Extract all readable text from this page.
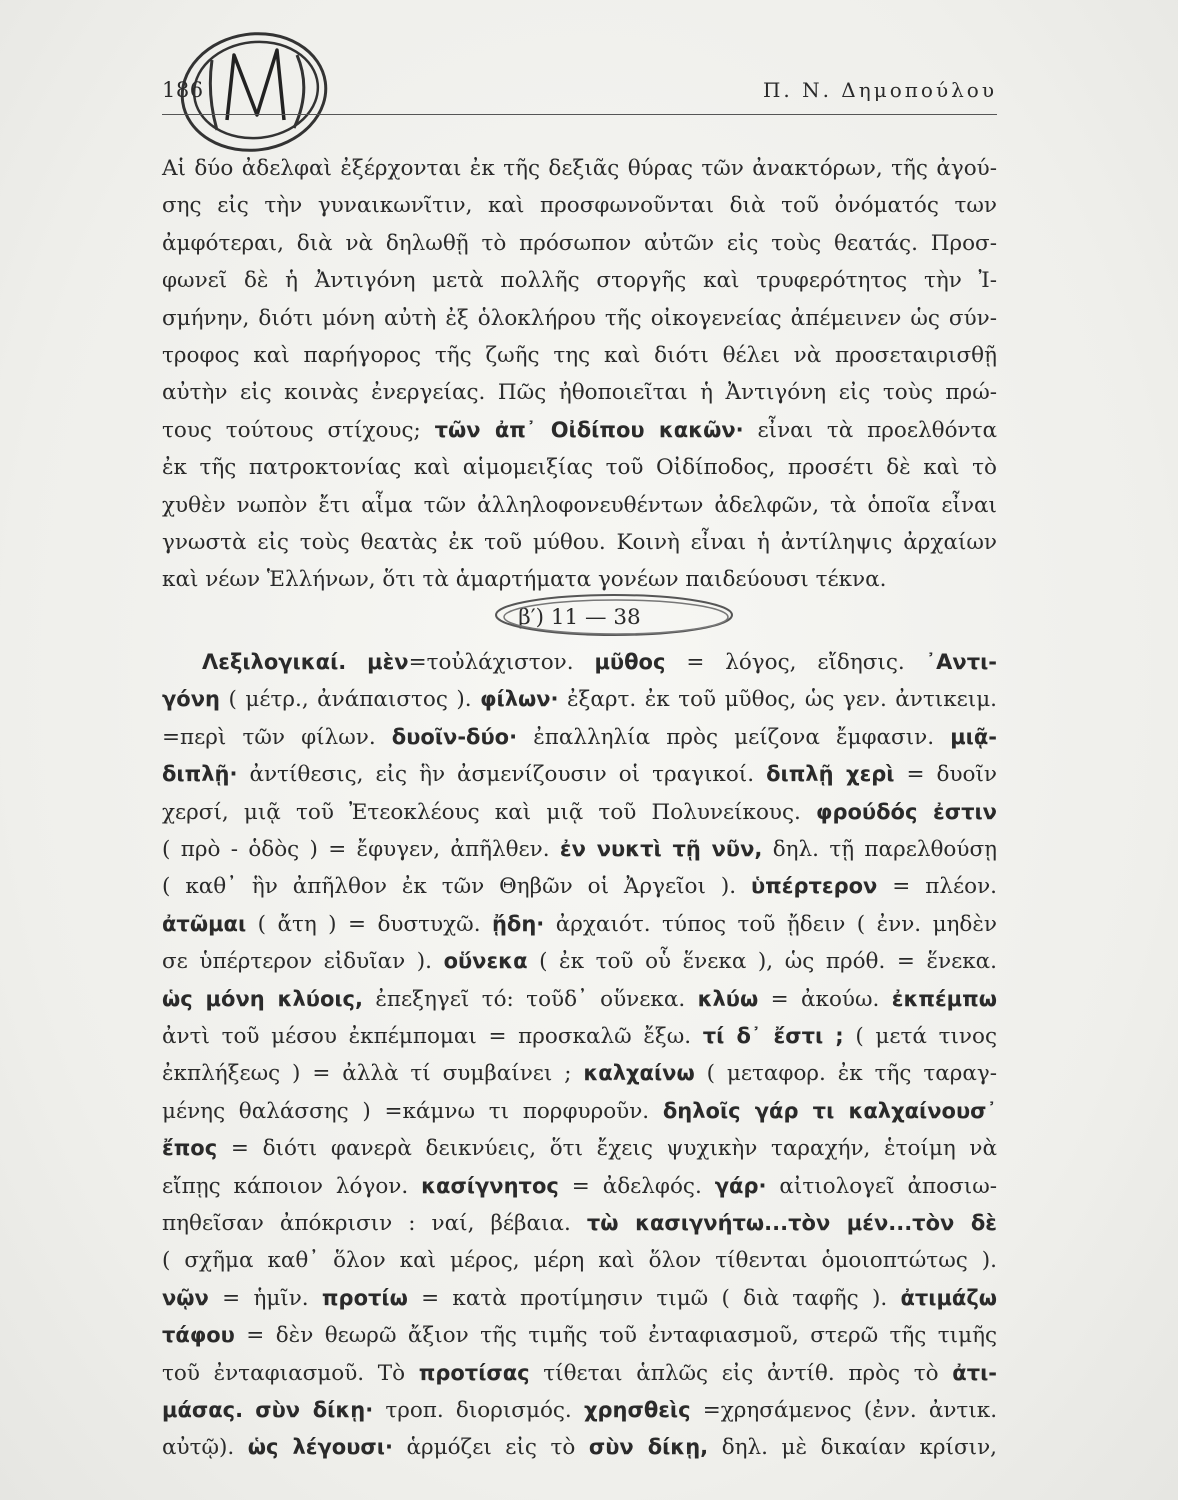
186	Π. Ν. Δημοπούλου
Αἱ δύο ἀδελφαὶ ἐξέρχονται ἐκ τῆς δεξιᾶς θύρας τῶν ἀνακτόρων, τῆς ἀγού-
σης εἰς τὴν γυναικωνῖτιν, καὶ προσφωνοῦνται διὰ τοῦ ὀνόματός των
ἀμφότεραι, διὰ νὰ δηλωθῇ τὸ πρόσωπον αὐτῶν εἰς τοὺς θεατάς. Προσ-
φωνεῖ δὲ ἡ Ἀντιγόνη μετὰ πολλῆς στοργῆς καὶ τρυφερότητος τὴν Ἰ-
σμήνην, διότι μόνη αὐτὴ ἐξ ὁλοκλήρου τῆς οἰκογενείας ἀπέμεινεν ὡς σύν-
τροφος καὶ παρήγορος τῆς ζωῆς της καὶ διότι θέλει νὰ προσεταιρισθῇ
αὐτὴν εἰς κοινὰς ἐνεργείας. Πῶς ἠθοποιεῖται ἡ Ἀντιγόνη εἰς τοὺς πρώ-
τους τούτους στίχους; τῶν ἀπ᾽ Οἰδίπου κακῶν· εἶναι τὰ προελθόντα
ἐκ τῆς πατροκτονίας καὶ αἱμομειξίας τοῦ Οἰδίποδος, προσέτι δὲ καὶ τὸ
χυθὲν νωπὸν ἔτι αἷμα τῶν ἀλληλοφονευθέντων ἀδελφῶν, τὰ ὁποῖα εἶναι
γνωστὰ εἰς τοὺς θεατὰς ἐκ τοῦ μύθου. Κοινὴ εἶναι ἡ ἀντίληψις ἀρχαίων
καὶ νέων Ἑλλήνων, ὅτι τὰ ἁμαρτήματα γονέων παιδεύουσι τέκνα.
β′) 11 — 38
Λεξιλογικαί. μὲν=τοὐλάχιστον. μῦθος = λόγος, εἴδησις. ᾿Αντι-
γόνη ( μέτρ., ἀνάπαιστος ). φίλων· ἐξαρτ. ἐκ τοῦ μῦθος, ὡς γεν. ἀντικειμ.
=περὶ τῶν φίλων. δυοῖν-δύο· ἐπαλληλία πρὸς μείζονα ἔμφασιν. μιᾷ-
διπλῇ· ἀντίθεσις, εἰς ἣν ἀσμενίζουσιν οἱ τραγικοί. διπλῇ χερὶ = δυοῖν
χερσί, μιᾷ τοῦ Ἐτεοκλέους καὶ μιᾷ τοῦ Πολυνείκους. φρούδός ἐστιν
( πρὸ - ὁδὸς ) = ἔφυγεν, ἀπῆλθεν. ἐν νυκτὶ τῇ νῦν, δηλ. τῇ παρελθούσῃ
( καθ᾿ ἣν ἀπῆλθον ἐκ τῶν Θηβῶν οἱ Ἀργεῖοι ). ὑπέρτερον = πλέον.
ἀτῶμαι ( ἄτη ) = δυστυχῶ. ᾔδη· ἀρχαιότ. τύπος τοῦ ᾔδειν ( ἐνν. μηδὲν
σε ὑπέρτερον εἰδυῖαν ). οὕνεκα ( ἐκ τοῦ οὗ ἕνεκα ), ὡς πρόθ. = ἕνεκα.
ὡς μόνη κλύοις, ἐπεξηγεῖ τό: τοῦδ᾿ οὕνεκα. κλύω = ἀκούω. ἐκπέμπω
ἀντὶ τοῦ μέσου ἐκπέμπομαι = προσκαλῶ ἔξω. τί δ᾿ ἔστι ; ( μετά τινος
ἐκπλήξεως ) = ἀλλὰ τί συμβαίνει ; καλχαίνω ( μεταφορ. ἐκ τῆς ταραγ-
μένης θαλάσσης ) =κάμνω τι πορφυροῦν. δηλοῖς γάρ τι καλχαίνουσ᾿
ἔπος = διότι φανερὰ δεικνύεις, ὅτι ἔχεις ψυχικὴν ταραχήν, ἑτοίμη νὰ
εἴπῃς κάποιον λόγον. κασίγνητος = ἀδελφός. γάρ· αἰτιολογεῖ ἀποσιω-
πηθεῖσαν ἀπόκρισιν : ναί, βέβαια. τὼ κασιγνήτω...τὸν μέν...τὸν δὲ
( σχῆμα καθ᾿ ὅλον καὶ μέρος, μέρη καὶ ὅλον τίθενται ὁμοιοπτώτως ).
νῷν = ἡμῖν. προτίω = κατὰ προτίμησιν τιμῶ ( διὰ ταφῆς ). ἀτιμάζω
τάφου = δὲν θεωρῶ ἄξιον τῆς τιμῆς τοῦ ἐνταφιασμοῦ, στερῶ τῆς τιμῆς
τοῦ ἐνταφιασμοῦ. Τὸ προτίσας τίθεται ἁπλῶς εἰς ἀντίθ. πρὸς τὸ ἀτι-
μάσας. σὺν δίκῃ· τροπ. διορισμός. χρησθεὶς =χρησάμενος (ἐνν. ἀντικ.
αὐτῷ). ὡς λέγουσι· ἁρμόζει εἰς τὸ σὺν δίκῃ, δηλ. μὲ δικαίαν κρίσιν,
